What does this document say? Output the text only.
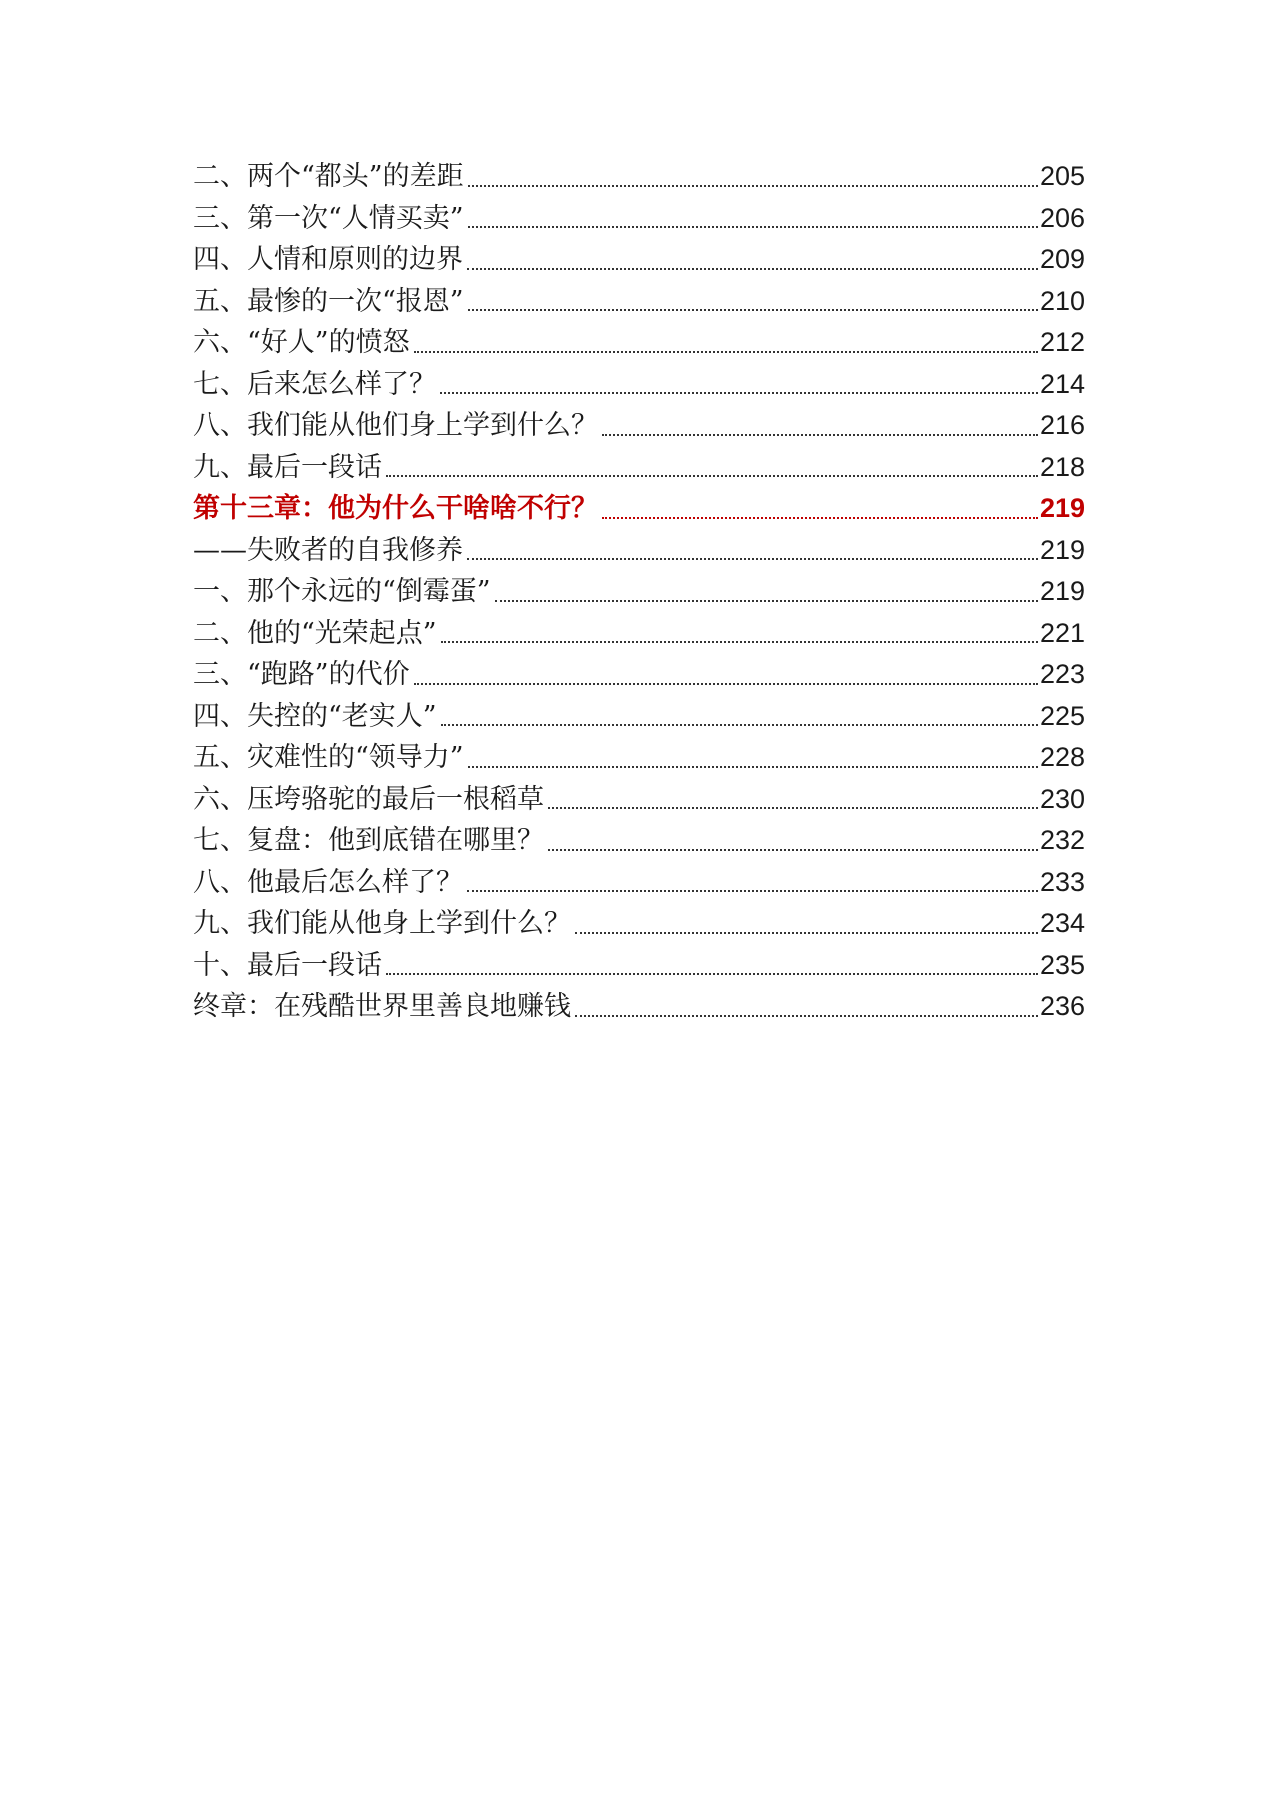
二、两个“都头”的差距	205
三、第一次“人情买卖”	206
四、人情和原则的边界	209
五、最惨的一次“报恩”	210
六、“好人”的愤怒	212
七、后来怎么样了？	214
八、我们能从他们身上学到什么？	216
九、最后一段话	218
第十三章：他为什么干啥啥不行？	219
——失败者的自我修养	219
一、那个永远的“倒霉蛋”	219
二、他的“光荣起点”	221
三、“跑路”的代价	223
四、失控的“老实人”	225
五、灾难性的“领导力”	228
六、压垮骆驼的最后一根稻草	230
七、复盘：他到底错在哪里？	232
八、他最后怎么样了？	233
九、我们能从他身上学到什么？	234
十、最后一段话	235
终章：在残酷世界里善良地赚钱	236
